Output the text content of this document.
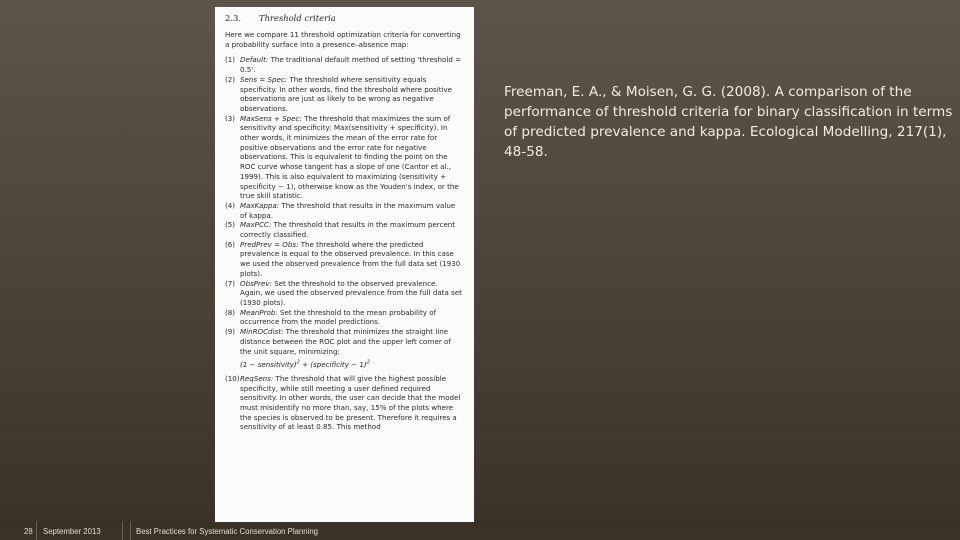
2.3. Threshold criteria
Here we compare 11 threshold optimization criteria for converting a probability surface into a presence–absence map:
(1) Default: The traditional default method of setting 'threshold = 0.5'.
(2) Sens = Spec: The threshold where sensitivity equals specificity. In other words, find the threshold where positive observations are just as likely to be wrong as negative observations.
(3) MaxSens + Spec: The threshold that maximizes the sum of sensitivity and specificity: Max(sensitivity + specificity). In other words, it minimizes the mean of the error rate for positive observations and the error rate for negative observations. This is equivalent to finding the point on the ROC curve whose tangent has a slope of one (Cantor et al., 1999). This is also equivalent to maximizing (sensitivity + specificity − 1), otherwise know as the Youden's index, or the true skill statistic.
(4) MaxKappa: The threshold that results in the maximum value of kappa.
(5) MaxPCC: The threshold that results in the maximum percent correctly classified.
(6) PredPrev = Obs: The threshold where the predicted prevalence is equal to the observed prevalence. In this case we used the observed prevalence from the full data set (1930 plots).
(7) ObsPrev: Set the threshold to the observed prevalence. Again, we used the observed prevalence from the full data set (1930 plots).
(8) MeanProb: Set the threshold to the mean probability of occurrence from the model predictions.
(9) MinROCdist: The threshold that minimizes the straight line distance between the ROC plot and the upper left corner of the unit square, minimizing:
(1 − sensitivity)$^2$ + (specificity − 1)$^2$
(10) ReqSens: The threshold that will give the highest possible specificity, while still meeting a user defined required sensitivity. In other words, the user can decide that the model must misidentify no more than, say, 15% of the plots where the species is observed to be present. Therefore it requires a sensitivity of at least 0.85. This method

Freeman, E. A., & Moisen, G. G. (2008). A comparison of the performance of threshold criteria for binary classification in terms of predicted prevalence and kappa. Ecological Modelling, 217(1), 48-58.

28 September 2013	Best Practices for Systematic Conservation Planning
